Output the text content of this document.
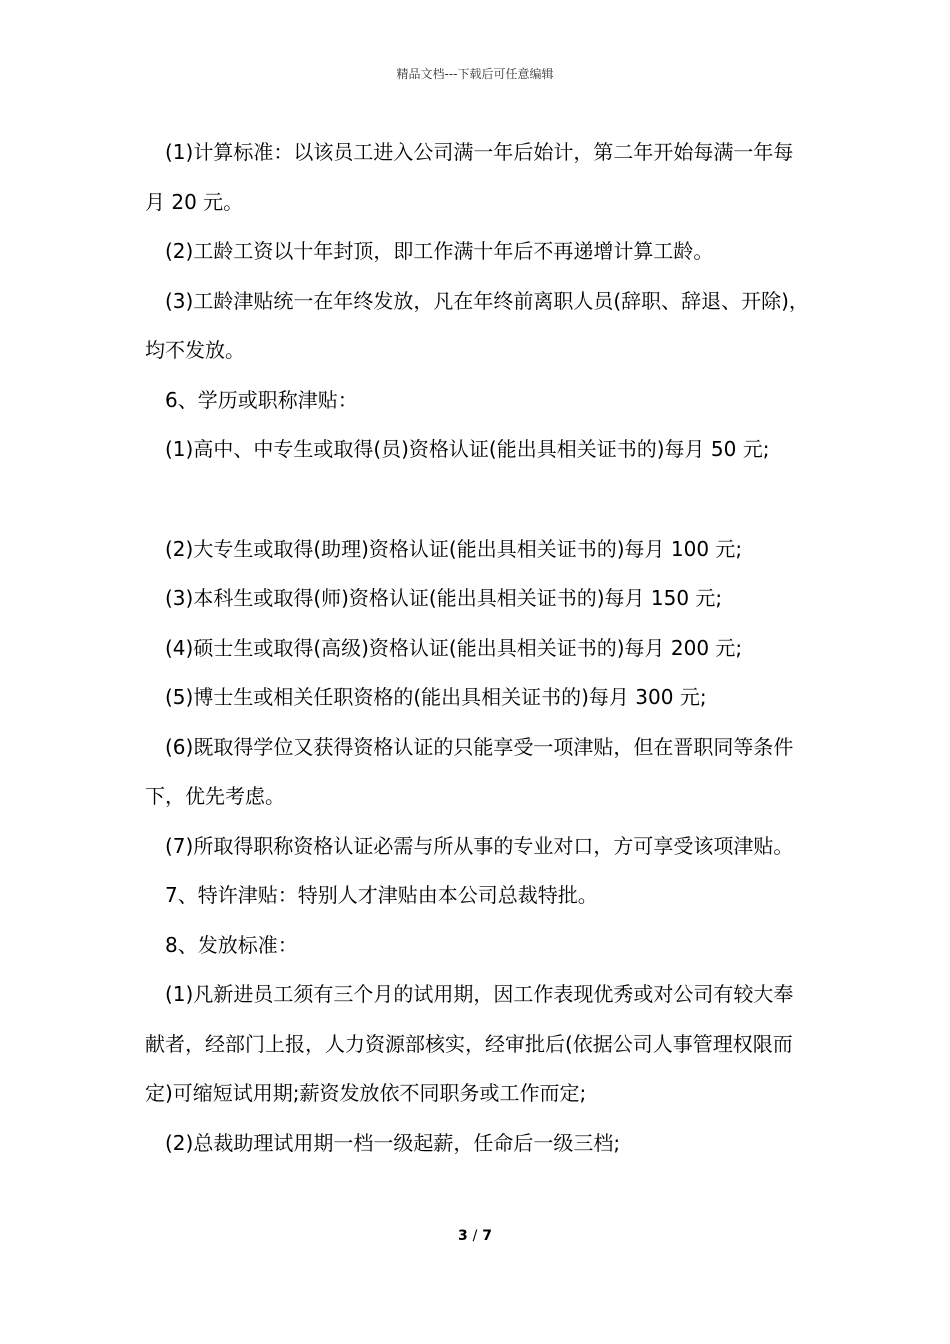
精品文档---下载后可任意编辑

(1)计算标准：以该员工进入公司满一年后始计，第二年开始每满一年每月 20 元。

(2)工龄工资以十年封顶，即工作满十年后不再递增计算工龄。

(3)工龄津贴统一在年终发放，凡在年终前离职人员(辞职、辞退、开除)，均不发放。

6、学历或职称津贴：

(1)高中、中专生或取得(员)资格认证(能出具相关证书的)每月 50 元;

(2)大专生或取得(助理)资格认证(能出具相关证书的)每月 100 元;

(3)本科生或取得(师)资格认证(能出具相关证书的)每月 150 元;

(4)硕士生或取得(高级)资格认证(能出具相关证书的)每月 200 元;

(5)博士生或相关任职资格的(能出具相关证书的)每月 300 元;

(6)既取得学位又获得资格认证的只能享受一项津贴，但在晋职同等条件下，优先考虑。

(7)所取得职称资格认证必需与所从事的专业对口，方可享受该项津贴。

7、特许津贴：特别人才津贴由本公司总裁特批。

8、发放标准：

(1)凡新进员工须有三个月的试用期，因工作表现优秀或对公司有较大奉献者，经部门上报，人力资源部核实，经审批后(依据公司人事管理权限而定)可缩短试用期;薪资发放依不同职务或工作而定;

(2)总裁助理试用期一档一级起薪，任命后一级三档;

3 / 7
